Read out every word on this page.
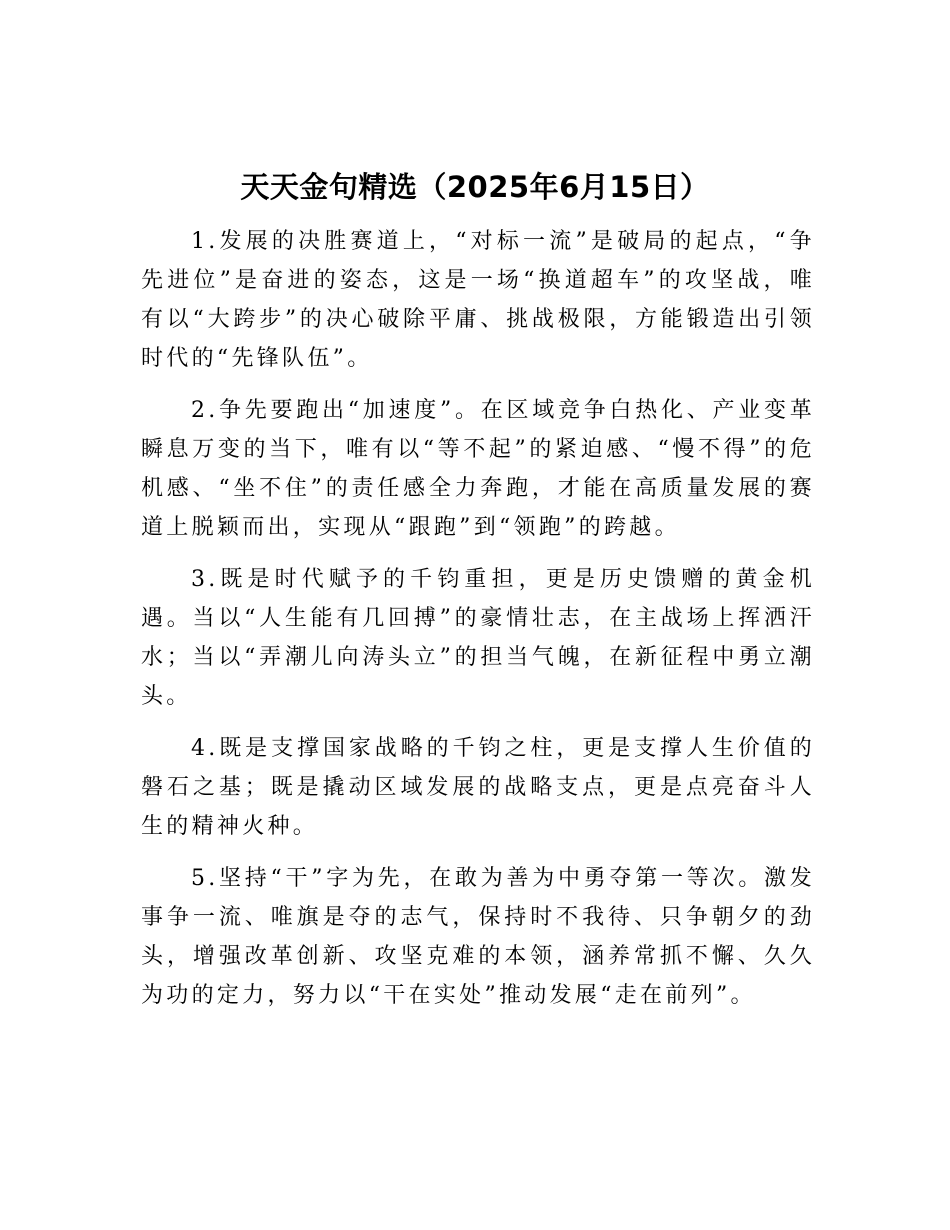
天天金句精选（2025年6月15日）

1.发展的决胜赛道上，“对标一流”是破局的起点，“争先进位”是奋进的姿态，这是一场“换道超车”的攻坚战，唯有以“大跨步”的决心破除平庸、挑战极限，方能锻造出引领时代的“先锋队伍”。

2.争先要跑出“加速度”。在区域竞争白热化、产业变革瞬息万变的当下，唯有以“等不起”的紧迫感、“慢不得”的危机感、“坐不住”的责任感全力奔跑，才能在高质量发展的赛道上脱颖而出，实现从“跟跑”到“领跑”的跨越。

3.既是时代赋予的千钧重担，更是历史馈赠的黄金机遇。当以“人生能有几回搏”的豪情壮志，在主战场上挥洒汗水；当以“弄潮儿向涛头立”的担当气魄，在新征程中勇立潮头。

4.既是支撑国家战略的千钧之柱，更是支撑人生价值的磐石之基；既是撬动区域发展的战略支点，更是点亮奋斗人生的精神火种。

5.坚持“干”字为先，在敢为善为中勇夺第一等次。激发事争一流、唯旗是夺的志气，保持时不我待、只争朝夕的劲头，增强改革创新、攻坚克难的本领，涵养常抓不懈、久久为功的定力，努力以“干在实处”推动发展“走在前列”。
